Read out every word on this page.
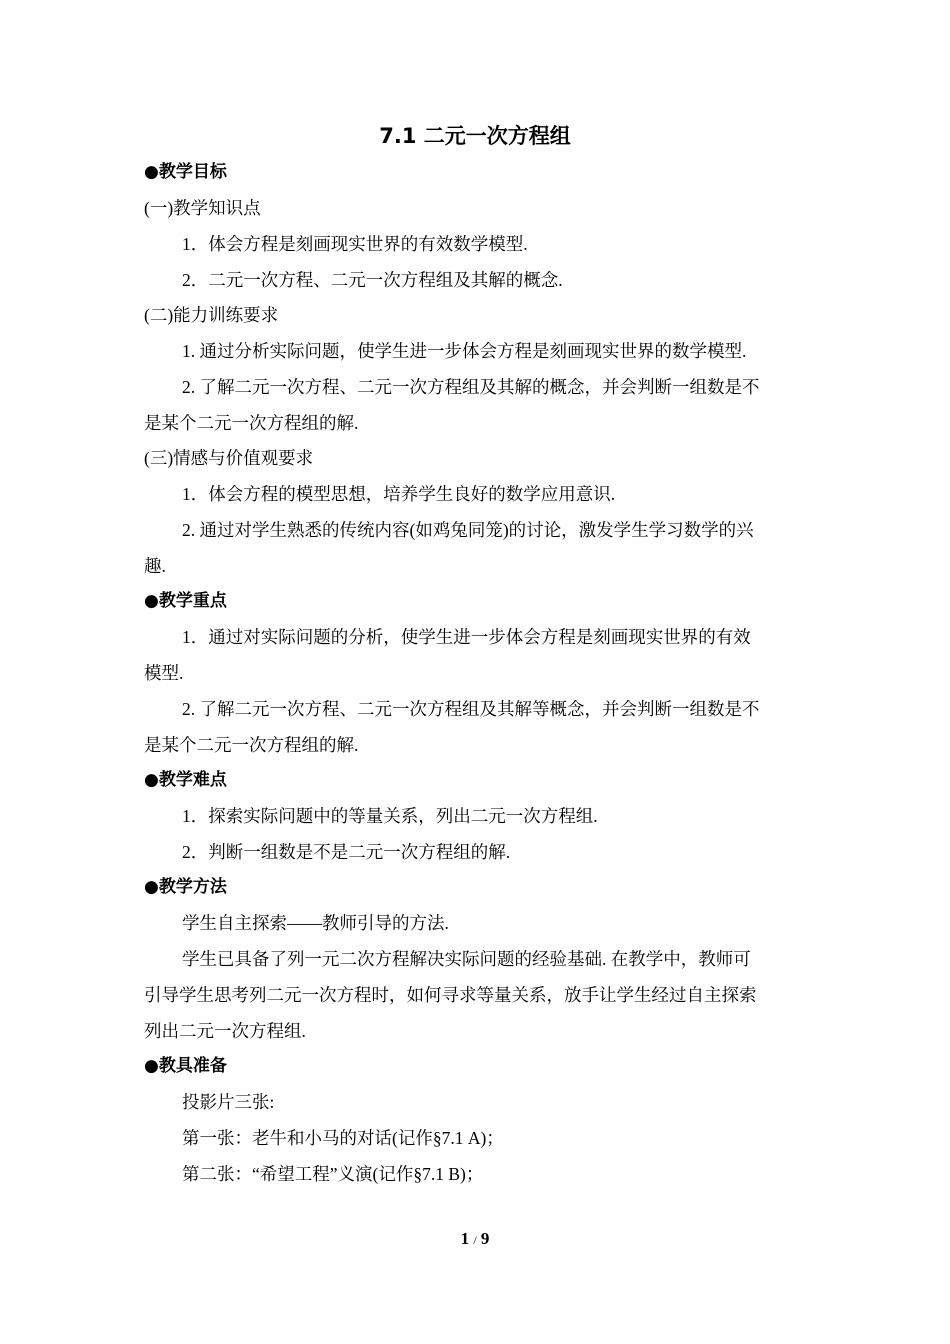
7.1 二元一次方程组

●教学目标

(一)教学知识点

1．体会方程是刻画现实世界的有效数学模型.

2．二元一次方程、二元一次方程组及其解的概念.

(二)能力训练要求

1. 通过分析实际问题，使学生进一步体会方程是刻画现实世界的数学模型.

2. 了解二元一次方程、二元一次方程组及其解的概念，并会判断一组数是不

是某个二元一次方程组的解.

(三)情感与价值观要求

1．体会方程的模型思想，培养学生良好的数学应用意识.

2. 通过对学生熟悉的传统内容(如鸡兔同笼)的讨论，激发学生学习数学的兴

趣.

●教学重点

1．通过对实际问题的分析，使学生进一步体会方程是刻画现实世界的有效

模型.

2. 了解二元一次方程、二元一次方程组及其解等概念，并会判断一组数是不

是某个二元一次方程组的解.

●教学难点

1．探索实际问题中的等量关系，列出二元一次方程组.

2．判断一组数是不是二元一次方程组的解.

●教学方法

学生自主探索——教师引导的方法.

学生已具备了列一元二次方程解决实际问题的经验基础. 在教学中，教师可

引导学生思考列二元一次方程时，如何寻求等量关系，放手让学生经过自主探索

列出二元一次方程组.

●教具准备

投影片三张:

第一张：老牛和小马的对话(记作§7.1 A)；

第二张：“希望工程”义演(记作§7.1 B)；

1 / 9
